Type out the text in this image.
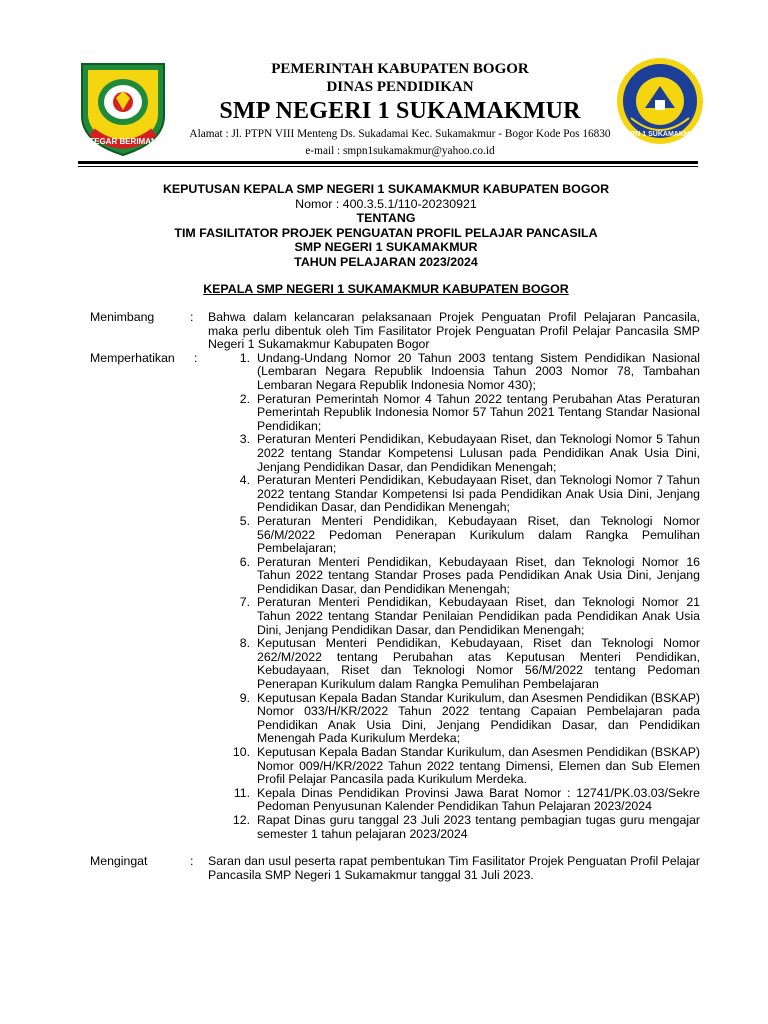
TEGAR BERIMAN
SMPN 1 SUKAMAKMUR
PEMERINTAH KABUPATEN BOGOR
DINAS PENDIDIKAN
SMP NEGERI 1 SUKAMAKMUR
Alamat : Jl. PTPN VIII Menteng Ds. Sukadamai Kec. Sukamakmur - Bogor Kode Pos 16830
e-mail : smpn1sukamakmur@yahoo.co.id
KEPUTUSAN KEPALA SMP NEGERI 1 SUKAMAKMUR KABUPATEN BOGOR
Nomor : 400.3.5.1/110-20230921
TENTANG
TIM FASILITATOR PROJEK PENGUATAN PROFIL PELAJAR PANCASILA
SMP NEGERI 1 SUKAMAKMUR
TAHUN PELAJARAN 2023/2024
KEPALA SMP NEGERI 1 SUKAMAKMUR KABUPATEN BOGOR
Menimbang	: Bahwa dalam kelancaran pelaksanaan Projek Penguatan Profil Pelajaran Pancasila, maka perlu dibentuk oleh Tim Fasilitator Projek Penguatan Profil Pelajar Pancasila SMP Negeri 1 Sukamakmur Kabupaten Bogor
Memperhatikan :	1. Undang-Undang Nomor 20 Tahun 2003 tentang Sistem Pendidikan Nasional (Lembaran Negara Republik Indoensia Tahun 2003 Nomor 78, Tambahan Lembaran Negara Republik Indonesia Nomor 430);
2. Peraturan Pemerintah Nomor 4 Tahun 2022 tentang Perubahan Atas Peraturan Pemerintah Republik Indonesia Nomor 57 Tahun 2021 Tentang Standar Nasional Pendidikan;
3. Peraturan Menteri Pendidikan, Kebudayaan Riset, dan Teknologi Nomor 5 Tahun 2022 tentang Standar Kompetensi Lulusan pada Pendidikan Anak Usia Dini, Jenjang Pendidikan Dasar, dan Pendidikan Menengah;
4. Peraturan Menteri Pendidikan, Kebudayaan Riset, dan Teknologi Nomor 7 Tahun 2022 tentang Standar Kompetensi Isi pada Pendidikan Anak Usia Dini, Jenjang Pendidikan Dasar, dan Pendidikan Menengah;
5. Peraturan Menteri Pendidikan, Kebudayaan Riset, dan Teknologi Nomor 56/M/2022 Pedoman Penerapan Kurikulum dalam Rangka Pemulihan Pembelajaran;
6. Peraturan Menteri Pendidikan, Kebudayaan Riset, dan Teknologi Nomor 16 Tahun 2022 tentang Standar Proses pada Pendidikan Anak Usia Dini, Jenjang Pendidikan Dasar, dan Pendidikan Menengah;
7. Peraturan Menteri Pendidikan, Kebudayaan Riset, dan Teknologi Nomor 21 Tahun 2022 tentang Standar Penilaian Pendidikan pada Pendidikan Anak Usia Dini, Jenjang Pendidikan Dasar, dan Pendidikan Menengah;
8. Keputusan Menteri Pendidikan, Kebudayaan, Riset dan Teknologi Nomor 262/M/2022 tentang Perubahan atas Keputusan Menteri Pendidikan, Kebudayaan, Riset dan Teknologi Nomor 56/M/2022 tentang Pedoman Penerapan Kurikulum dalam Rangka Pemulihan Pembelajaran
9. Keputusan Kepala Badan Standar Kurikulum, dan Asesmen Pendidikan (BSKAP) Nomor 033/H/KR/2022 Tahun 2022 tentang Capaian Pembelajaran pada Pendidikan Anak Usia Dini, Jenjang Pendidikan Dasar, dan Pendidikan Menengah Pada Kurikulum Merdeka;
10. Keputusan Kepala Badan Standar Kurikulum, dan Asesmen Pendidikan (BSKAP) Nomor 009/H/KR/2022 Tahun 2022 tentang Dimensi, Elemen dan Sub Elemen Profil Pelajar Pancasila pada Kurikulum Merdeka.
11. Kepala Dinas Pendidikan Provinsi Jawa Barat Nomor : 12741/PK.03.03/Sekre Pedoman Penyusunan Kalender Pendidikan Tahun Pelajaran 2023/2024
12. Rapat Dinas guru tanggal 23 Juli 2023 tentang pembagian tugas guru mengajar semester 1 tahun pelajaran 2023/2024
Mengingat	: Saran dan usul peserta rapat pembentukan Tim Fasilitator Projek Penguatan Profil Pelajar Pancasila SMP Negeri 1 Sukamakmur tanggal 31 Juli 2023.
